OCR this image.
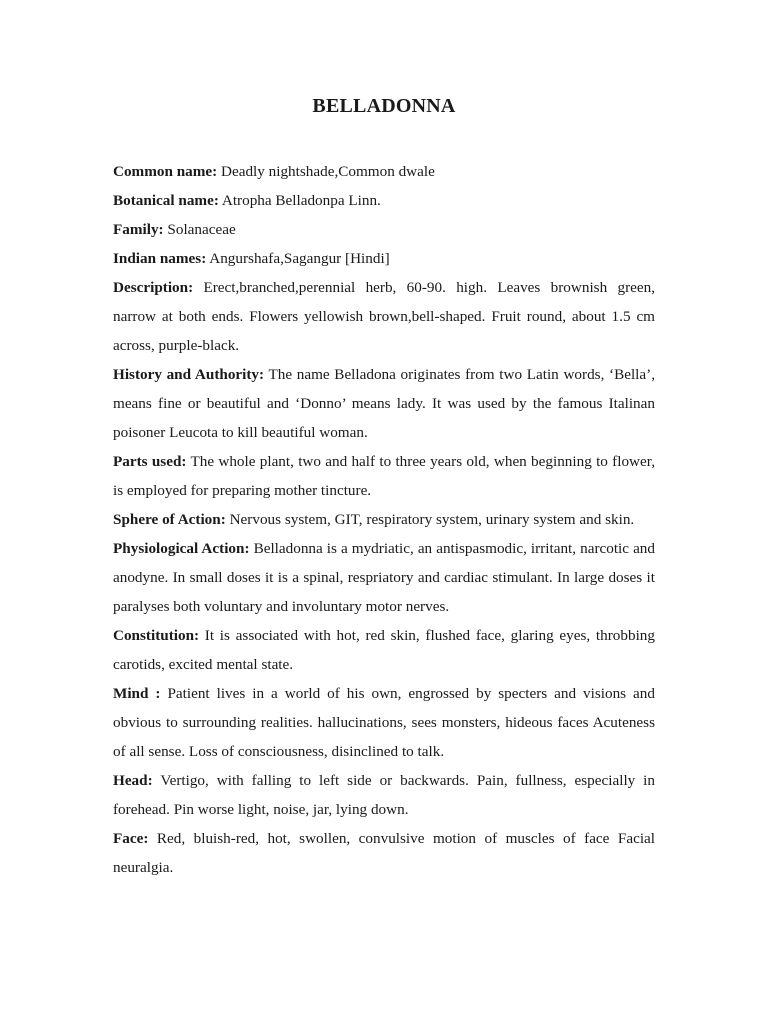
BELLADONNA

Common name: Deadly nightshade,Common dwale

Botanical name: Atropha Belladonpa Linn.

Family: Solanaceae

Indian names: Angurshafa,Sagangur [Hindi]

Description: Erect,branched,perennial herb, 60-90. high. Leaves brownish green, narrow at both ends. Flowers yellowish brown,bell-shaped. Fruit round, about 1.5 cm across, purple-black.

History and Authority: The name Belladona originates from two Latin words, ‘Bella’, means fine or beautiful and ‘Donno’ means lady. It was used by the famous Italinan poisoner Leucota to kill beautiful woman.

Parts used: The whole plant, two and half to three years old, when beginning to flower, is employed for preparing mother tincture.

Sphere of Action: Nervous system, GIT, respiratory system, urinary system and skin.

Physiological Action: Belladonna is a mydriatic, an antispasmodic, irritant, narcotic and anodyne. In small doses it is a spinal, respriatory and cardiac stimulant. In large doses it paralyses both voluntary and involuntary motor nerves.

Constitution: It is associated with hot, red skin, flushed face, glaring eyes, throbbing carotids, excited mental state.

Mind : Patient lives in a world of his own, engrossed by specters and visions and obvious to surrounding realities. hallucinations, sees monsters, hideous faces Acuteness of all sense. Loss of consciousness, disinclined to talk.

Head: Vertigo, with falling to left side or backwards. Pain, fullness, especially in forehead. Pin worse light, noise, jar, lying down.

Face: Red, bluish-red, hot, swollen, convulsive motion of muscles of face Facial neuralgia.
